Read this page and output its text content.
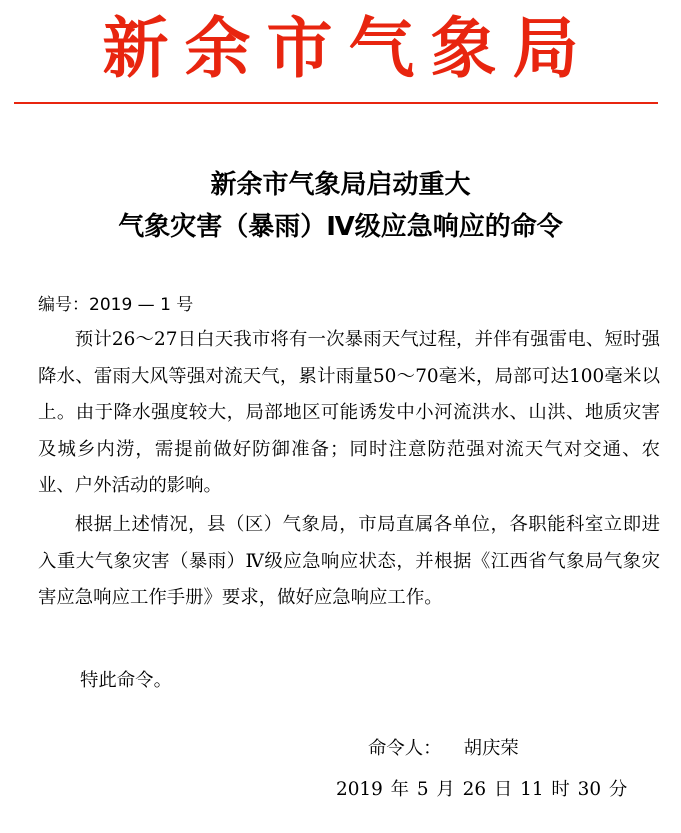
新余市气象局
新余市气象局启动重大
气象灾害（暴雨）Ⅳ级应急响应的命令
编号：2019 — 1 号

预计26～27日白天我市将有一次暴雨天气过程，并伴有强雷电、短时强降水、雷雨大风等强对流天气，累计雨量50～70毫米，局部可达100毫米以上。由于降水强度较大，局部地区可能诱发中小河流洪水、山洪、地质灾害及城乡内涝，需提前做好防御准备；同时注意防范强对流天气对交通、农业、户外活动的影响。

根据上述情况，县（区）气象局，市局直属各单位，各职能科室立即进入重大气象灾害（暴雨）Ⅳ级应急响应状态，并根据《江西省气象局气象灾害应急响应工作手册》要求，做好应急响应工作。

特此命令。
命令人： 胡庆荣
2019 年 5 月 26 日 11 时 30 分
